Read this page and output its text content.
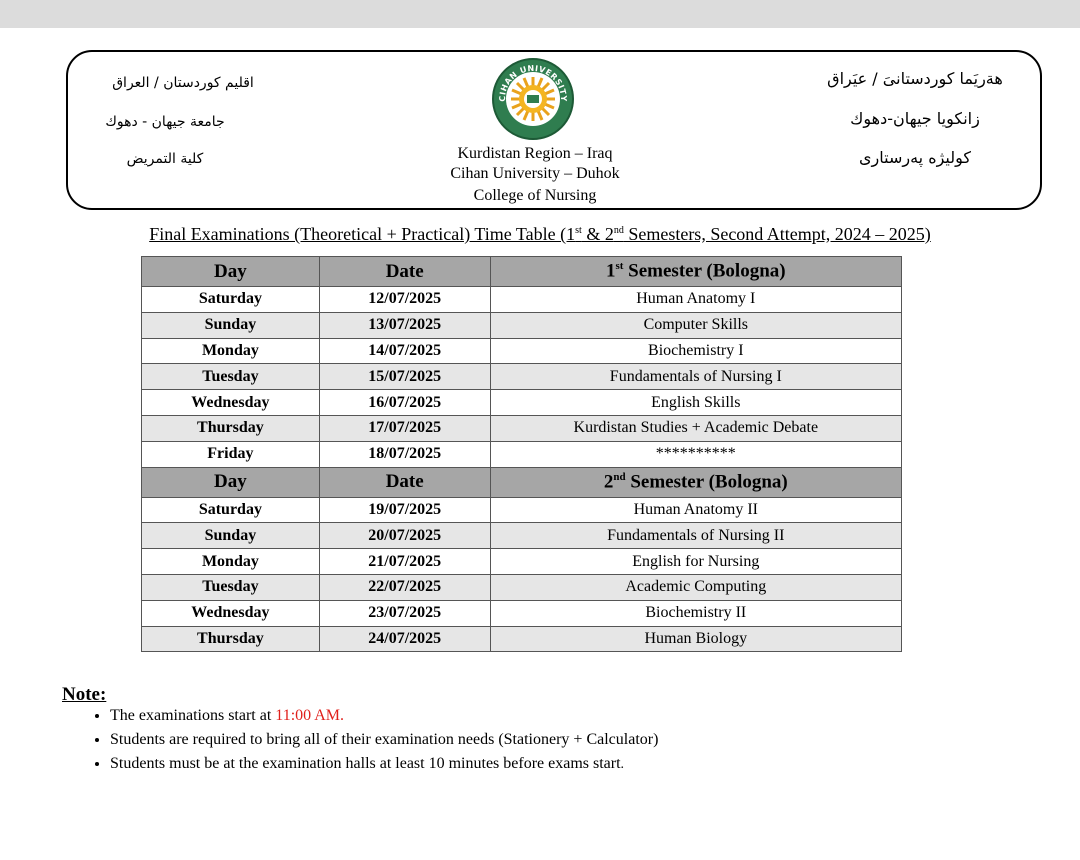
اقليم كوردستان / العراق
جامعة جيهان - دهوك
كلية التمريض
هةريَما كوردستانىَ / عيَراق
زانكويا جيهان-دهوك
كوليژه پەرستارى
CIHAN UNIVERSITY
Kurdistan Region – Iraq
Cihan University – Duhok
College of Nursing
Final Examinations (Theoretical + Practical) Time Table (1st & 2nd Semesters, Second Attempt, 2024 – 2025)
Day	Date	1st Semester (Bologna)
Saturday	12/07/2025	Human Anatomy I
Sunday	13/07/2025	Computer Skills
Monday	14/07/2025	Biochemistry I
Tuesday	15/07/2025	Fundamentals of Nursing I
Wednesday	16/07/2025	English Skills
Thursday	17/07/2025	Kurdistan Studies + Academic Debate
Friday	18/07/2025	**********
Day	Date	2nd Semester (Bologna)
Saturday	19/07/2025	Human Anatomy II
Sunday	20/07/2025	Fundamentals of Nursing II
Monday	21/07/2025	English for Nursing
Tuesday	22/07/2025	Academic Computing
Wednesday	23/07/2025	Biochemistry II
Thursday	24/07/2025	Human Biology
Note:
• The examinations start at 11:00 AM.
• Students are required to bring all of their examination needs (Stationery + Calculator)
• Students must be at the examination halls at least 10 minutes before exams start.
